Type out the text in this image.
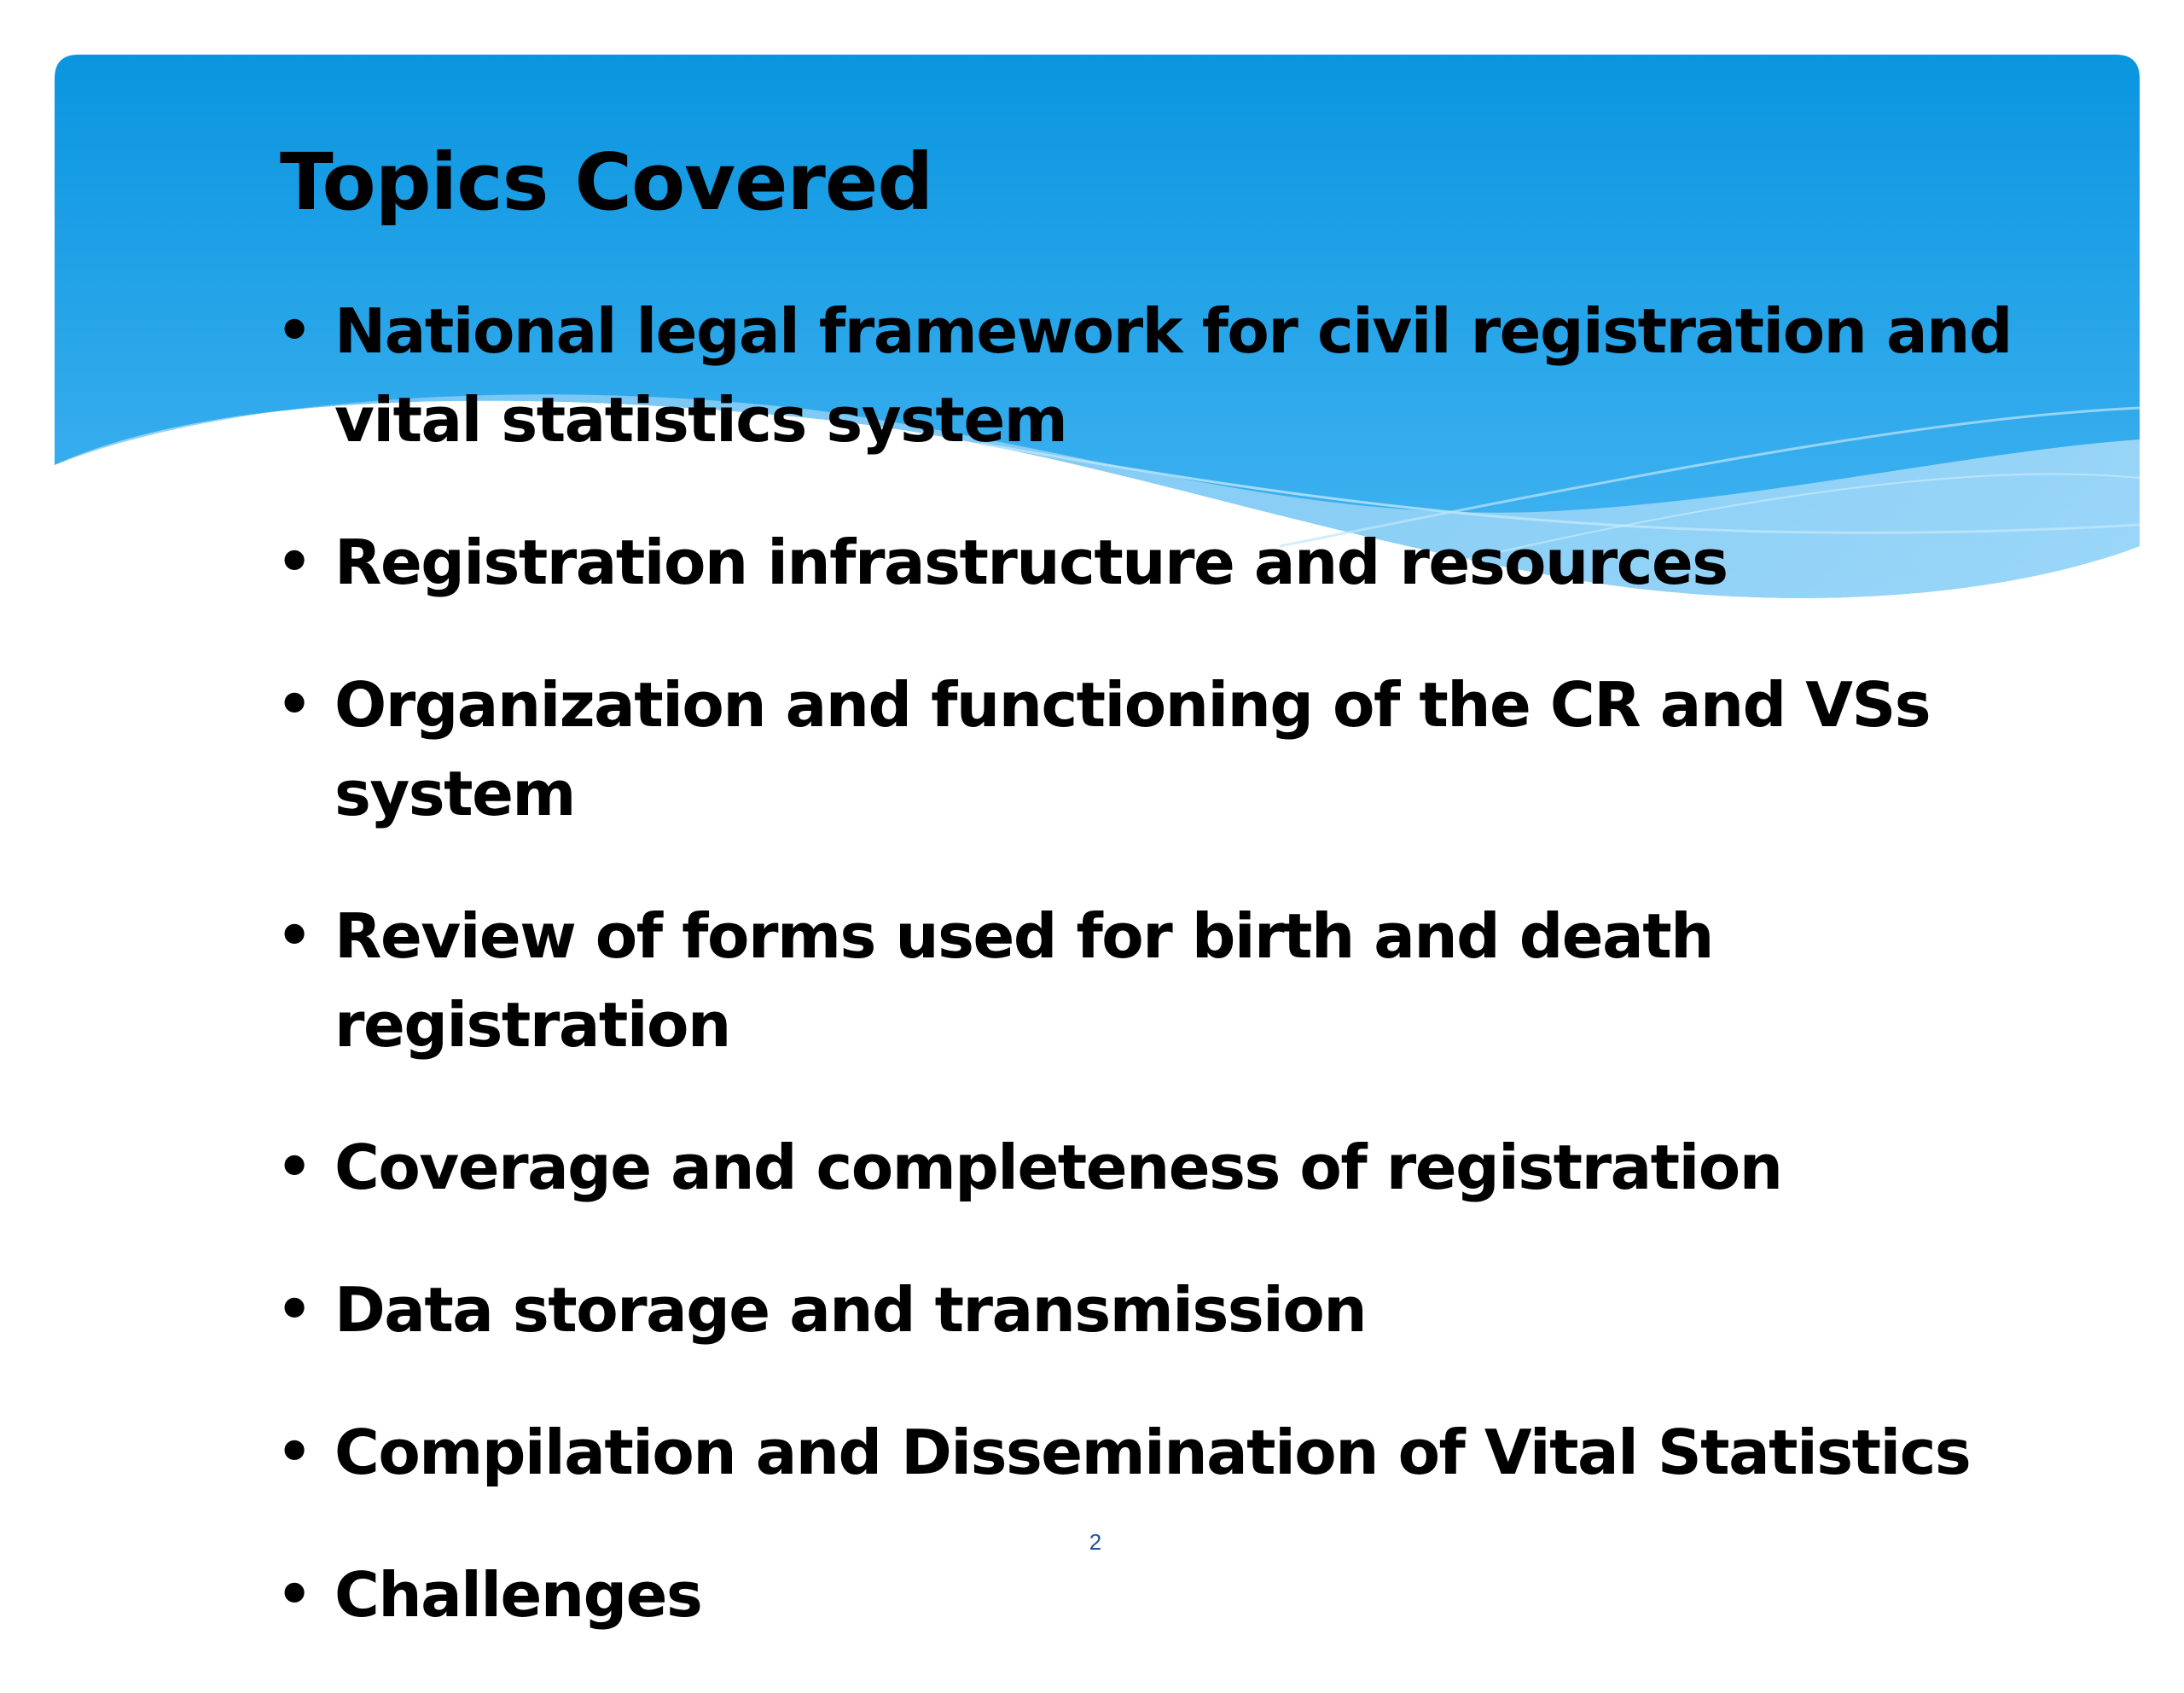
Topics Covered
• National legal framework for civil registration and vital statistics system
• Registration infrastructure and resources
• Organization and functioning of the CR and VSs system
• Review of forms used for birth and death registration
• Coverage and completeness of registration
• Data storage and transmission
• Compilation and Dissemination of Vital Statistics
• Challenges
2
